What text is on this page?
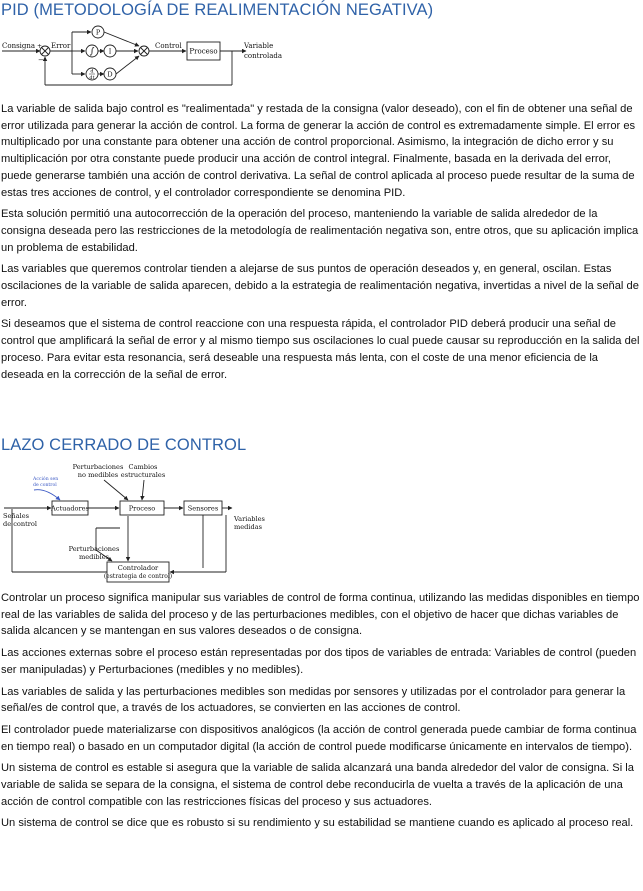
PID (METODOLOGÍA DE REALIMENTACIÓN NEGATIVA)
Consigna Error
P
∫
d
dt
I
D
+
−
Control
Proceso
Variable
controlada

La variable de salida bajo control es "realimentada" y restada de la consigna (valor deseado), con el fin de obtener una señal de error utilizada para generar la acción de control. La forma de generar la acción de control es extremadamente simple. El error es multiplicado por una constante para obtener una acción de control proporcional. Asimismo, la integración de dicho error y su multiplicación por otra constante puede producir una acción de control integral. Finalmente, basada en la derivada del error, puede generarse también una acción de control derivativa. La señal de control aplicada al proceso puede resultar de la suma de estas tres acciones de control, y el controlador correspondiente se denomina PID.

Esta solución permitió una autocorrección de la operación del proceso, manteniendo la variable de salida alrededor de la consigna deseada pero las restricciones de la metodología de realimentación negativa son, entre otros, que su aplicación implica un problema de estabilidad.

Las variables que queremos controlar tienden a alejarse de sus puntos de operación deseados y, en general, oscilan. Estas oscilaciones de la variable de salida aparecen, debido a la estrategia de realimentación negativa, invertidas a nivel de la señal de error.

Si deseamos que el sistema de control reaccione con una respuesta rápida, el controlador PID deberá producir una señal de control que amplificará la señal de error y al mismo tiempo sus oscilaciones lo cual puede causar su reproducción en la salida del proceso. Para evitar esta resonancia, será deseable una respuesta más lenta, con el coste de una menor eficiencia de la deseada en la corrección de la señal de error.

LAZO CERRADO DE CONTROL
Acción sen
de control
Perturbaciones
no medibles
Cambios
estructurales
Señales
de control
Actuadores	Proceso	Sensores
Variables
medidas
Perturbaciones
medibles
Controlador
(estrategia de control)

Controlar un proceso significa manipular sus variables de control de forma continua, utilizando las medidas disponibles en tiempo real de las variables de salida del proceso y de las perturbaciones medibles, con el objetivo de hacer que dichas variables de salida alcancen y se mantengan en sus valores deseados o de consigna.

Las acciones externas sobre el proceso están representadas por dos tipos de variables de entrada: Variables de control (pueden ser manipuladas) y Perturbaciones (medibles y no medibles).

Las variables de salida y las perturbaciones medibles son medidas por sensores y utilizadas por el controlador para generar la señal/es de control que, a través de los actuadores, se convierten en las acciones de control.

El controlador puede materializarse con dispositivos analógicos (la acción de control generada puede cambiar de forma continua en tiempo real) o basado en un computador digital (la acción de control puede modificarse únicamente en intervalos de tiempo).

Un sistema de control es estable si asegura que la variable de salida alcanzará una banda alrededor del valor de consigna. Si la variable de salida se separa de la consigna, el sistema de control debe reconducirla de vuelta a través de la aplicación de una acción de control compatible con las restricciones físicas del proceso y sus actuadores.

Un sistema de control se dice que es robusto si su rendimiento y su estabilidad se mantiene cuando es aplicado al proceso real.
